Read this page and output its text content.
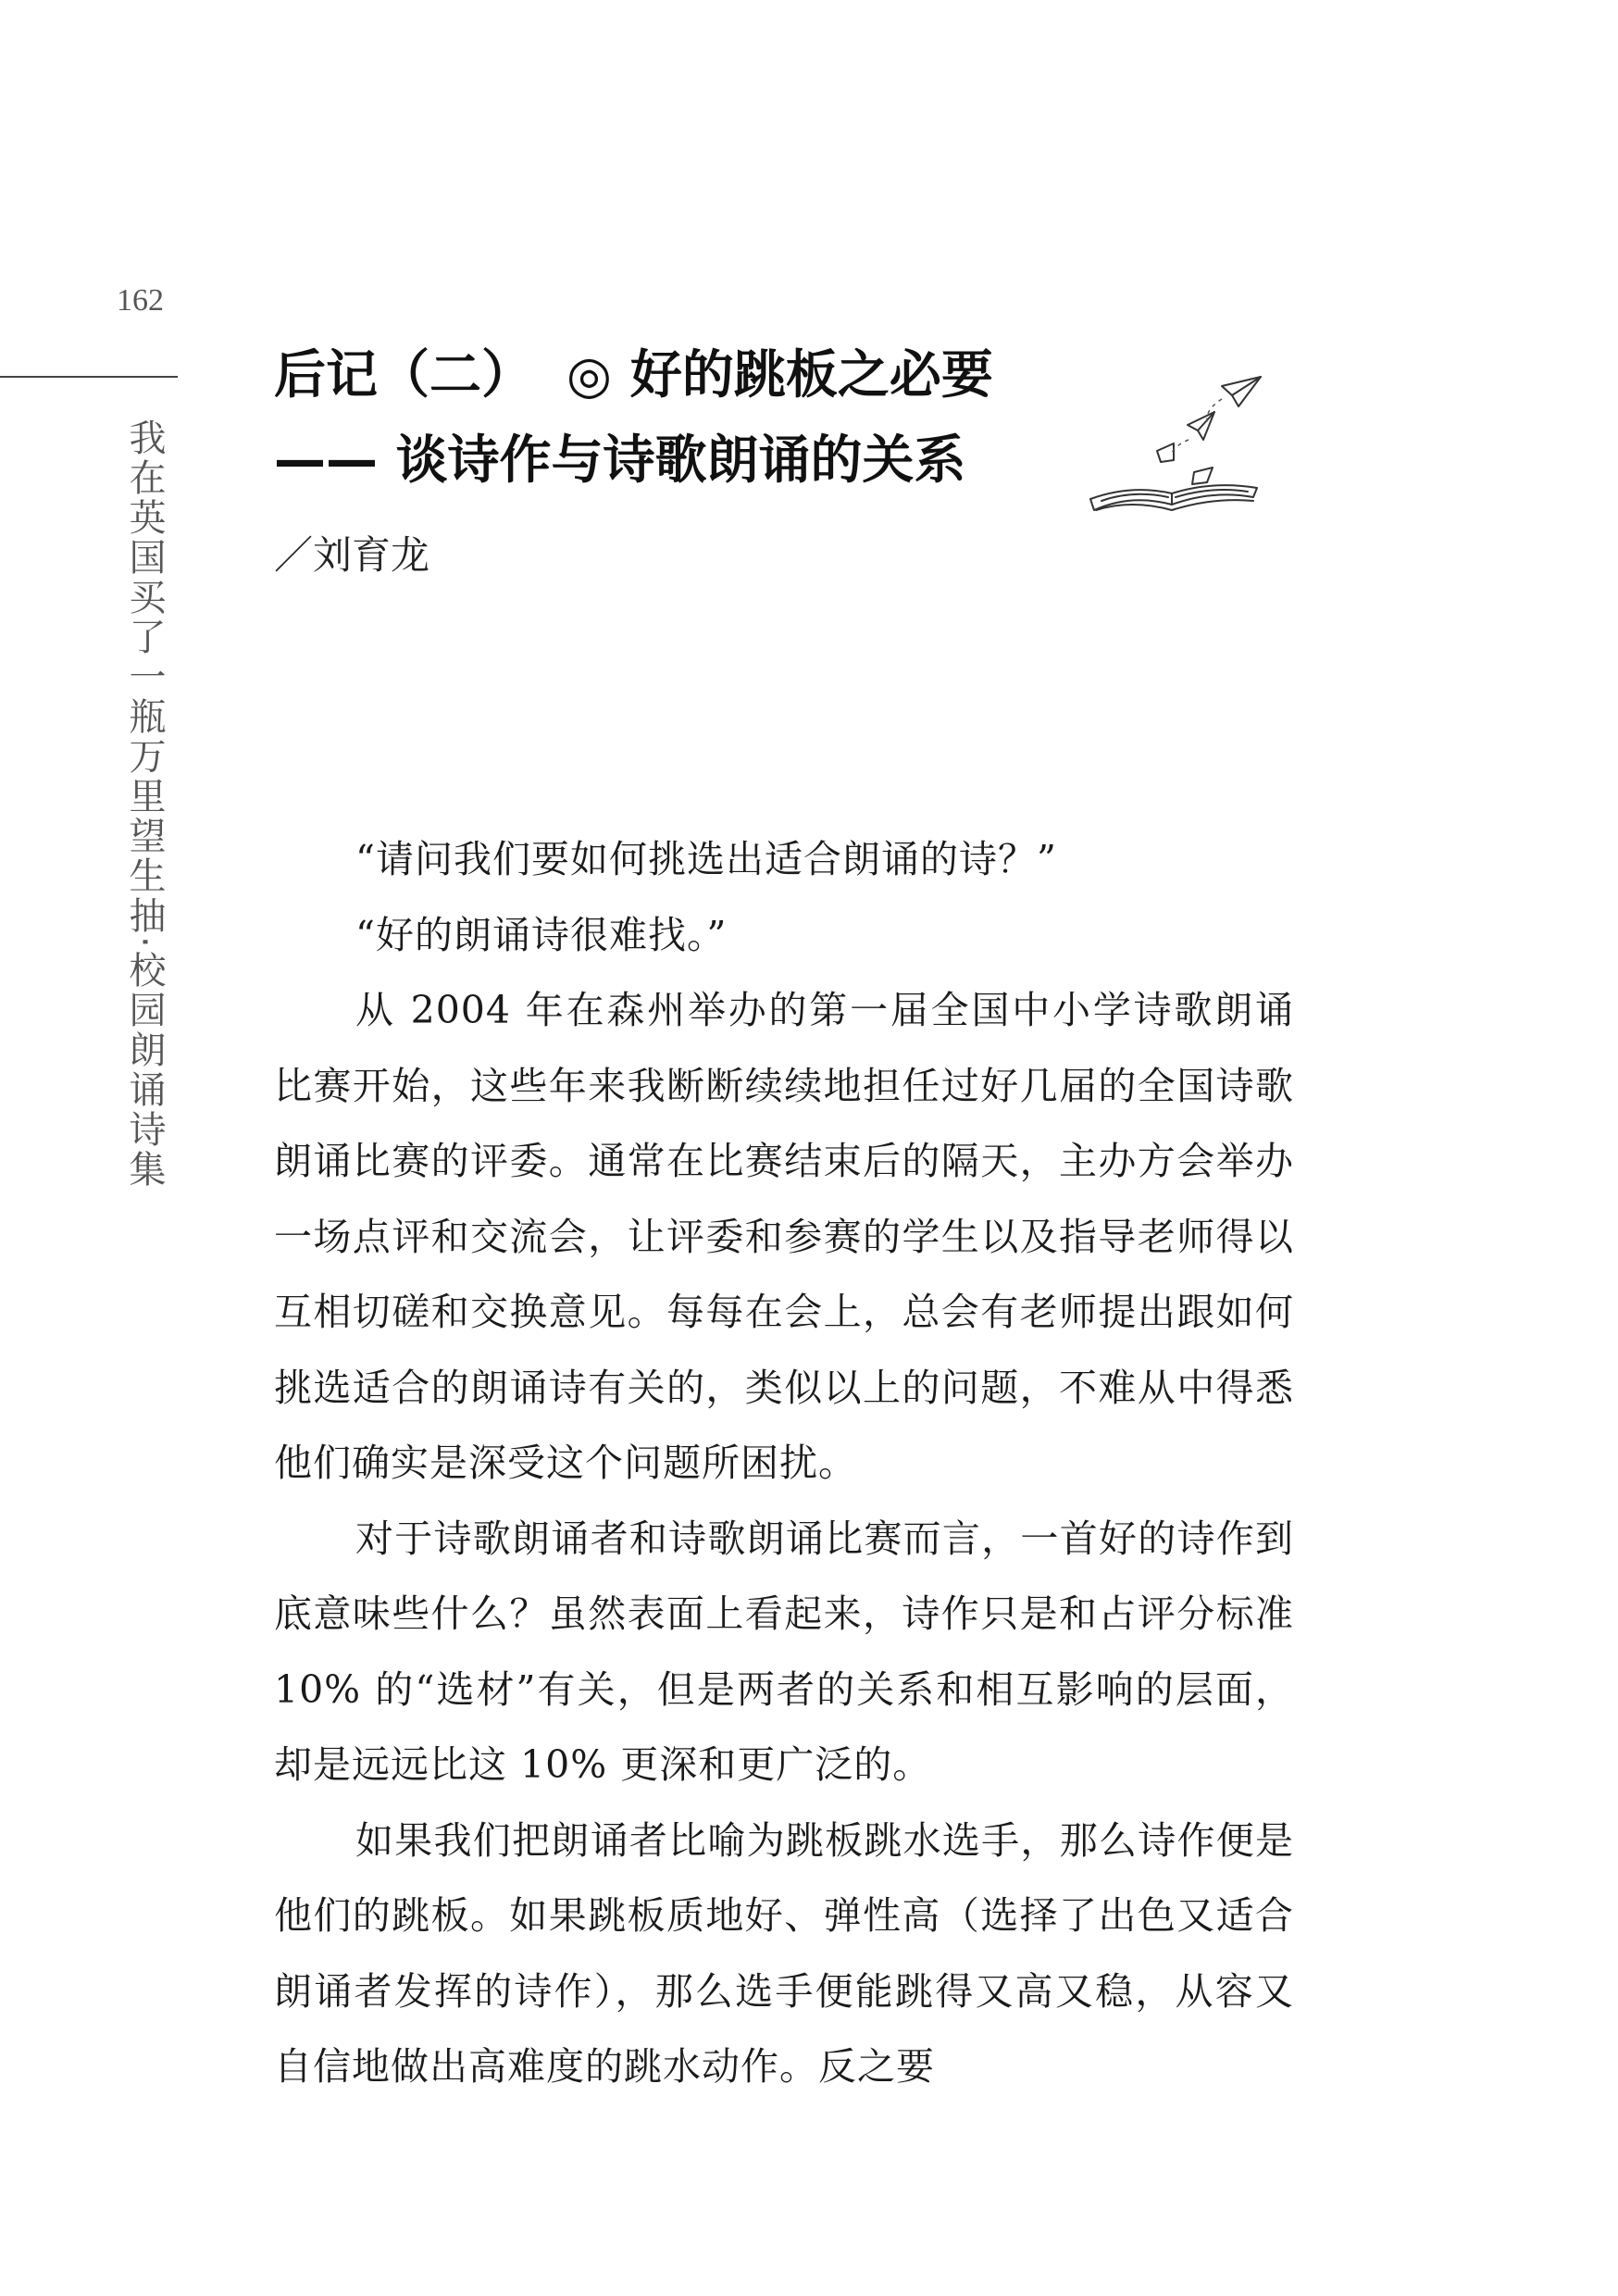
162
我在英国买了一瓶万里望生抽·校园朗诵诗集
后记（二） ◎ 好的跳板之必要
—— 谈诗作与诗歌朗诵的关系
／刘育龙

“请问我们要如何挑选出适合朗诵的诗？”

“好的朗诵诗很难找。”

从 2004 年在森州举办的第一届全国中小学诗歌朗诵比赛开始，这些年来我断断续续地担任过好几届的全国诗歌朗诵比赛的评委。通常在比赛结束后的隔天，主办方会举办一场点评和交流会，让评委和参赛的学生以及指导老师得以互相切磋和交换意见。每每在会上，总会有老师提出跟如何挑选适合的朗诵诗有关的，类似以上的问题，不难从中得悉他们确实是深受这个问题所困扰。

对于诗歌朗诵者和诗歌朗诵比赛而言，一首好的诗作到底意味些什么？虽然表面上看起来，诗作只是和占评分标准 10% 的“选材”有关，但是两者的关系和相互影响的层面，却是远远比这 10% 更深和更广泛的。

如果我们把朗诵者比喻为跳板跳水选手，那么诗作便是他们的跳板。如果跳板质地好、弹性高（选择了出色又适合朗诵者发挥的诗作），那么选手便能跳得又高又稳，从容又自信地做出高难度的跳水动作。反之要
